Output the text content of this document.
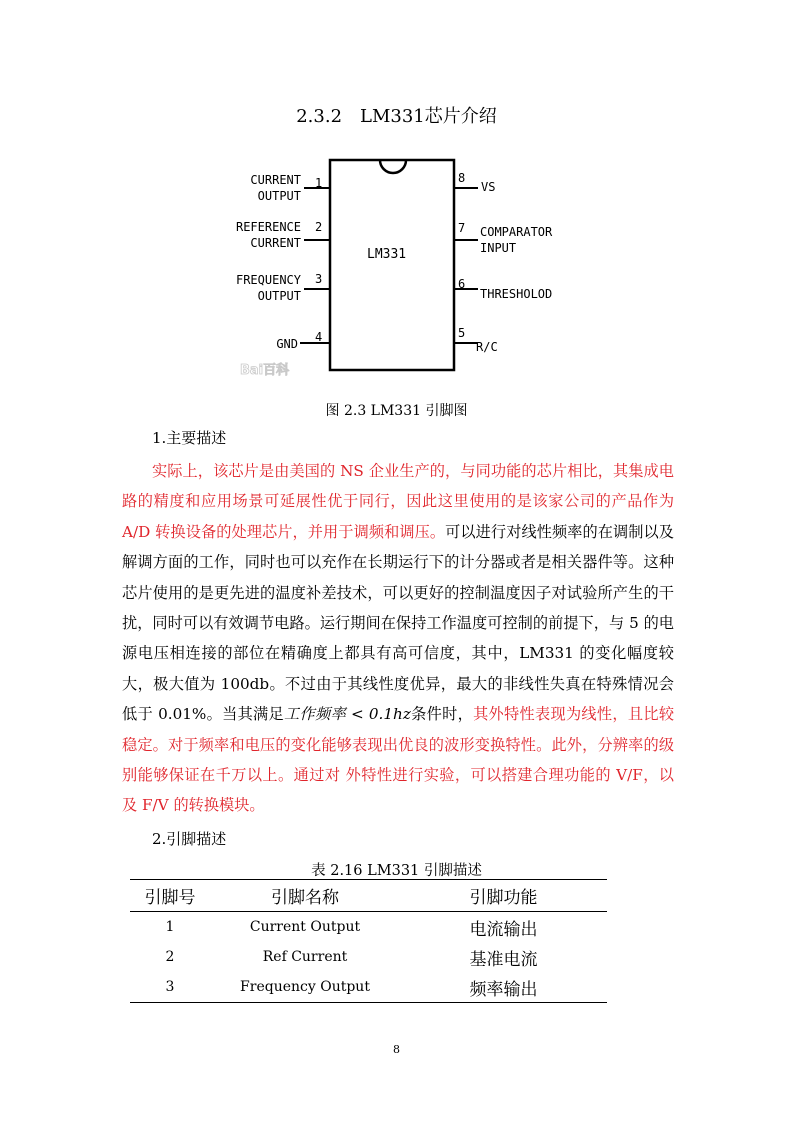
2.3.2　LM331芯片介绍
LM331
1
2
3
4
8
7
6
5
CURRENT
OUTPUT
REFERENCE
CURRENT
FREQUENCY
OUTPUT
GND
VS
COMPARATOR
INPUT
THRESHOLOD
R/C
Bai百科
图 2.3 LM331 引脚图
1.主要描述
实际上，该芯片是由美国的 NS 企业生产的，与同功能的芯片相比，其集成电路的精度和应用场景可延展性优于同行，因此这里使用的是该家公司的产品作为 A/D 转换设备的处理芯片，并用于调频和调压。可以进行对线性频率的在调制以及解调方面的工作，同时也可以充作在长期运行下的计分器或者是相关器件等。这种芯片使用的是更先进的温度补差技术，可以更好的控制温度因子对试验所产生的干扰，同时可以有效调节电路。运行期间在保持工作温度可控制的前提下，与 5 的电源电压相连接的部位在精确度上都具有高可信度，其中，LM331 的变化幅度较大，极大值为 100db。不过由于其线性度优异，最大的非线性失真在特殊情况会低于 0.01%。当其满足工作频率 < 0.1hz条件时，其外特性表现为线性，且比较稳定。对于频率和电压的变化能够表现出优良的波形变换特性。此外，分辨率的级别能够保证在千万以上。通过对 外特性进行实验，可以搭建合理功能的 V/F，以及 F/V 的转换模块。
2.引脚描述
表 2.16 LM331 引脚描述
引脚号	引脚名称	引脚功能
1	Current Output	电流输出
2	Ref Current	基准电流
3	Frequency Output	频率输出
8
